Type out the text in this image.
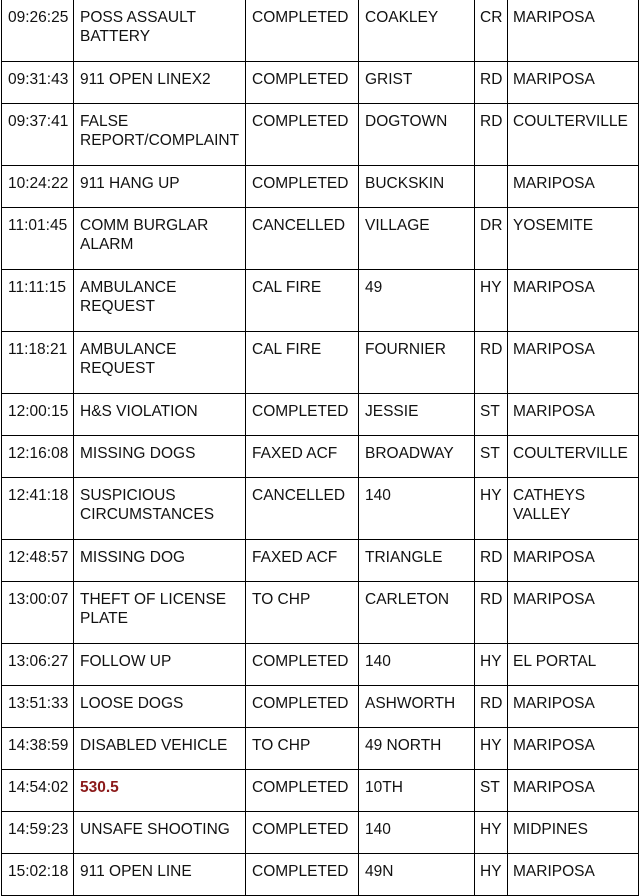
09:26:25	POSS ASSAULT BATTERY	COMPLETED	COAKLEY	CR	MARIPOSA
09:31:43	911 OPEN LINEX2	COMPLETED	GRIST	RD	MARIPOSA
09:37:41	FALSE REPORT/COMPLAINT	COMPLETED	DOGTOWN	RD	COULTERVILLE
10:24:22	911 HANG UP	COMPLETED	BUCKSKIN		MARIPOSA
11:01:45	COMM BURGLAR ALARM	CANCELLED	VILLAGE	DR	YOSEMITE
11:11:15	AMBULANCE REQUEST	CAL FIRE	49	HY	MARIPOSA
11:18:21	AMBULANCE REQUEST	CAL FIRE	FOURNIER	RD	MARIPOSA
12:00:15	H&S VIOLATION	COMPLETED	JESSIE	ST	MARIPOSA
12:16:08	MISSING DOGS	FAXED ACF	BROADWAY	ST	COULTERVILLE
12:41:18	SUSPICIOUS CIRCUMSTANCES	CANCELLED	140	HY	CATHEYS VALLEY
12:48:57	MISSING DOG	FAXED ACF	TRIANGLE	RD	MARIPOSA
13:00:07	THEFT OF LICENSE PLATE	TO CHP	CARLETON	RD	MARIPOSA
13:06:27	FOLLOW UP	COMPLETED	140	HY	EL PORTAL
13:51:33	LOOSE DOGS	COMPLETED	ASHWORTH	RD	MARIPOSA
14:38:59	DISABLED VEHICLE	TO CHP	49 NORTH	HY	MARIPOSA
14:54:02	530.5	COMPLETED	10TH	ST	MARIPOSA
14:59:23	UNSAFE SHOOTING	COMPLETED	140	HY	MIDPINES
15:02:18	911 OPEN LINE	COMPLETED	49N	HY	MARIPOSA
